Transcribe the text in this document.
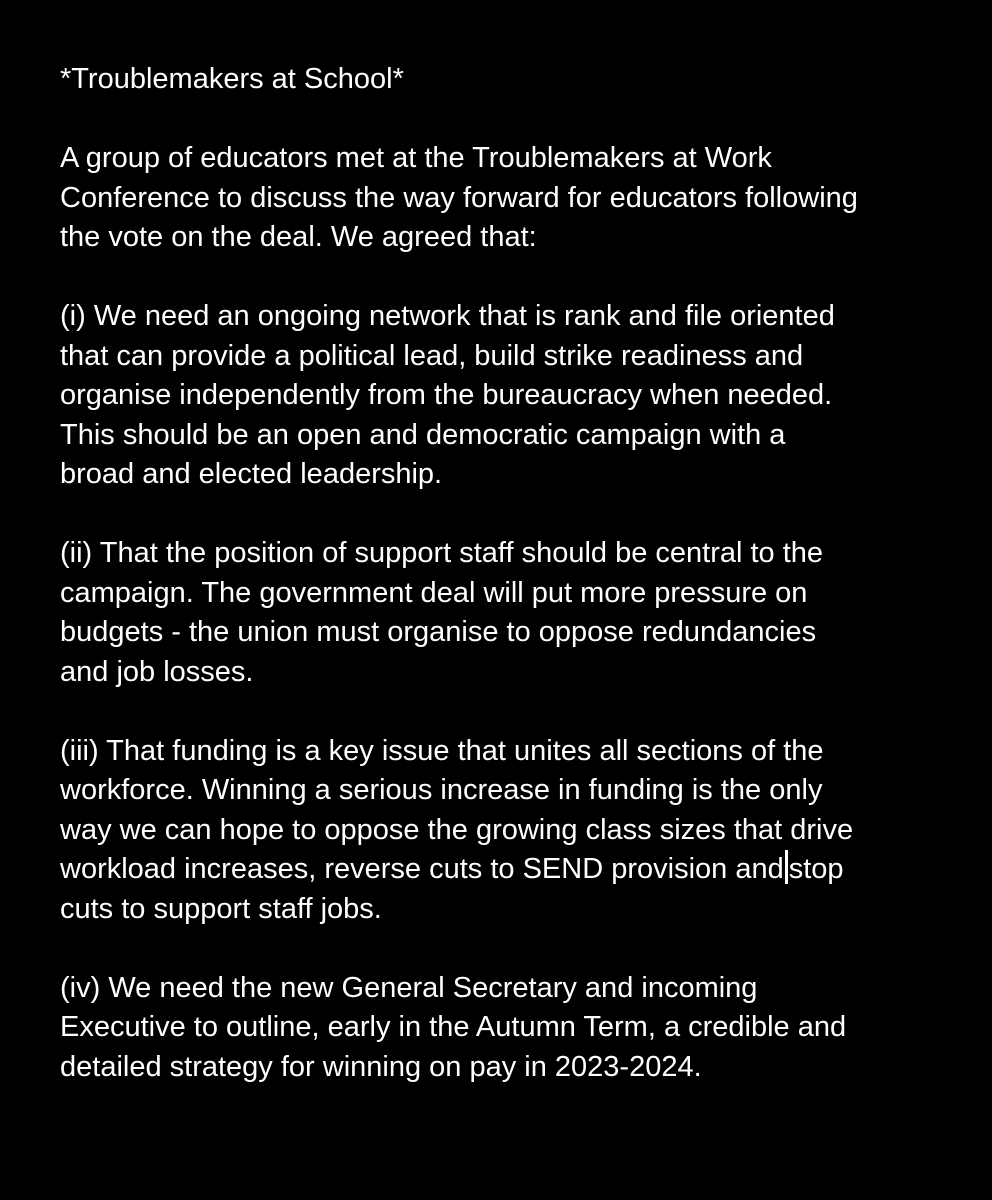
*Troublemakers at School*
A group of educators met at the Troublemakers at Work
Conference to discuss the way forward for educators following
the vote on the deal. We agreed that:
(i) We need an ongoing network that is rank and file oriented
that can provide a political lead, build strike readiness and
organise independently from the bureaucracy when needed.
This should be an open and democratic campaign with a
broad and elected leadership.
(ii) That the position of support staff should be central to the
campaign. The government deal will put more pressure on
budgets - the union must organise to oppose redundancies
and job losses.
(iii) That funding is a key issue that unites all sections of the
workforce. Winning a serious increase in funding is the only
way we can hope to oppose the growing class sizes that drive
workload increases, reverse cuts to SEND provision and stop
cuts to support staff jobs.
(iv) We need the new General Secretary and incoming
Executive to outline, early in the Autumn Term, a credible and
detailed strategy for winning on pay in 2023-2024.
